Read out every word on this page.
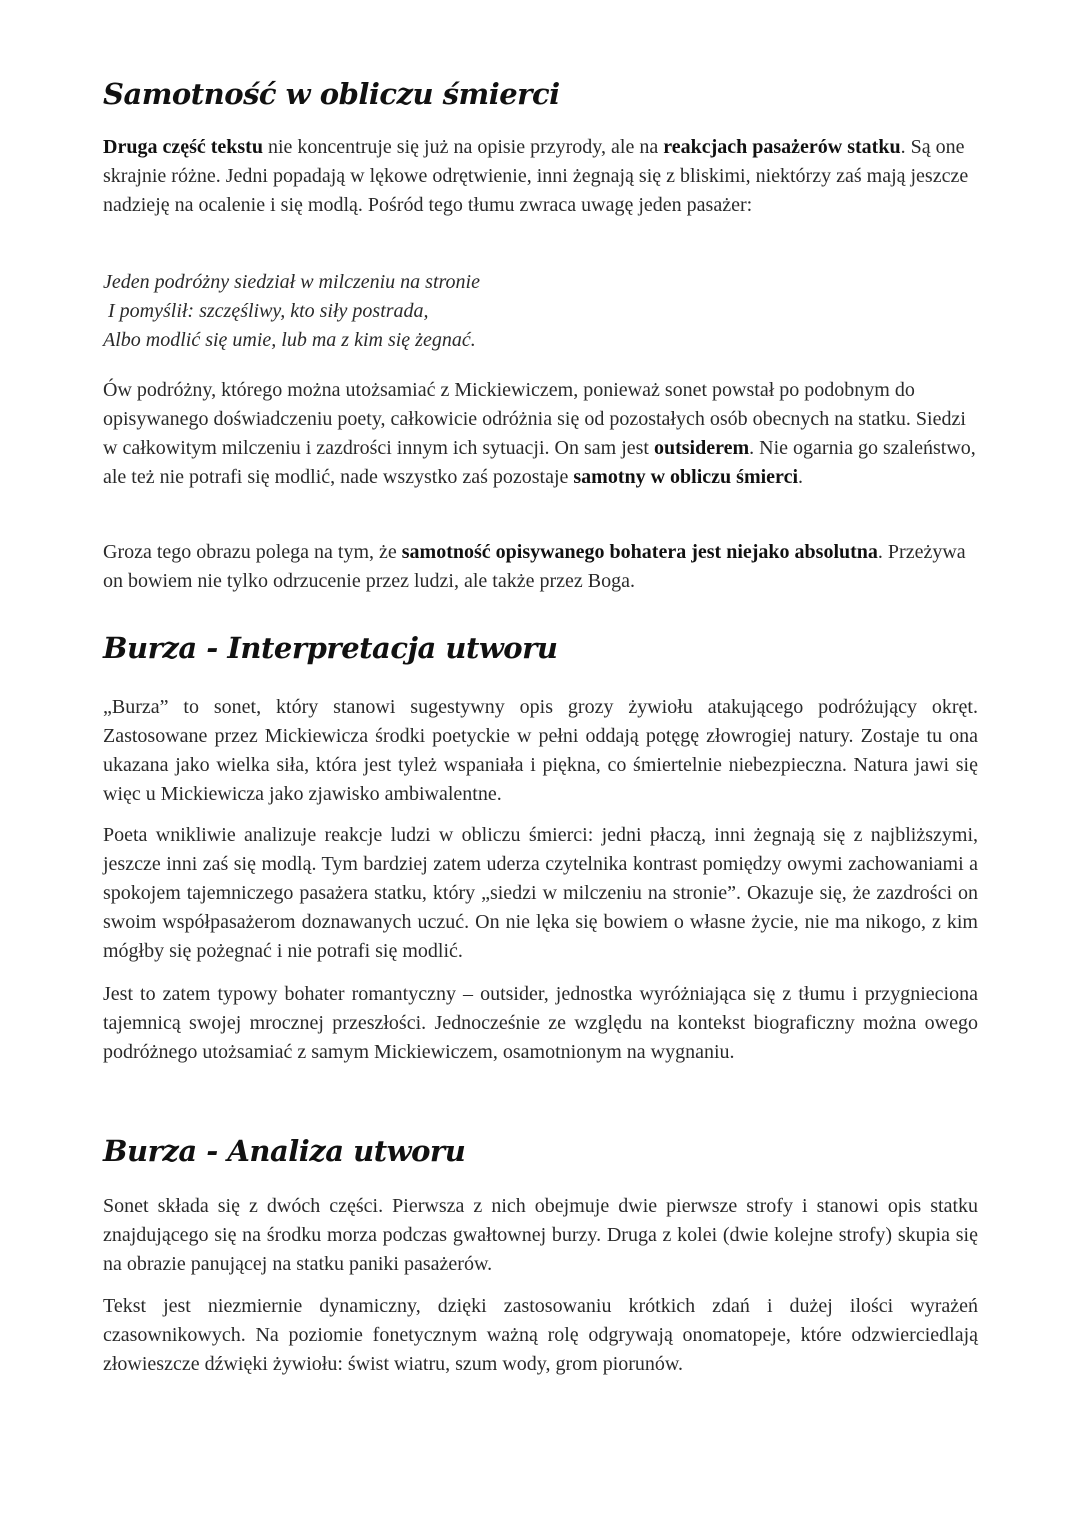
Samotność w obliczu śmierci

Druga część tekstu nie koncentruje się już na opisie przyrody, ale na reakcjach pasażerów statku. Są one skrajnie różne. Jedni popadają w lękowe odrętwienie, inni żegnają się z bliskimi, niektórzy zaś mają jeszcze nadzieję na ocalenie i się modlą. Pośród tego tłumu zwraca uwagę jeden pasażer:

Jeden podróżny siedział w milczeniu na stronie
I pomyślił: szczęśliwy, kto siły postrada,
Albo modlić się umie, lub ma z kim się żegnać.

Ów podróżny, którego można utożsamiać z Mickiewiczem, ponieważ sonet powstał po podobnym do opisywanego doświadczeniu poety, całkowicie odróżnia się od pozostałych osób obecnych na statku. Siedzi w całkowitym milczeniu i zazdrości innym ich sytuacji. On sam jest outsiderem. Nie ogarnia go szaleństwo, ale też nie potrafi się modlić, nade wszystko zaś pozostaje samotny w obliczu śmierci.

Groza tego obrazu polega na tym, że samotność opisywanego bohatera jest niejako absolutna. Przeżywa on bowiem nie tylko odrzucenie przez ludzi, ale także przez Boga.

Burza - Interpretacja utworu

„Burza” to sonet, który stanowi sugestywny opis grozy żywiołu atakującego podróżujący okręt. Zastosowane przez Mickiewicza środki poetyckie w pełni oddają potęgę złowrogiej natury. Zostaje tu ona ukazana jako wielka siła, która jest tyleż wspaniała i piękna, co śmiertelnie niebezpieczna. Natura jawi się więc u Mickiewicza jako zjawisko ambiwalentne.

Poeta wnikliwie analizuje reakcje ludzi w obliczu śmierci: jedni płaczą, inni żegnają się z najbliższymi, jeszcze inni zaś się modlą. Tym bardziej zatem uderza czytelnika kontrast pomiędzy owymi zachowaniami a spokojem tajemniczego pasażera statku, który „siedzi w milczeniu na stronie”. Okazuje się, że zazdrości on swoim współpasażerom doznawanych uczuć. On nie lęka się bowiem o własne życie, nie ma nikogo, z kim mógłby się pożegnać i nie potrafi się modlić.

Jest to zatem typowy bohater romantyczny – outsider, jednostka wyróżniająca się z tłumu i przygnieciona tajemnicą swojej mrocznej przeszłości. Jednocześnie ze względu na kontekst biograficzny można owego podróżnego utożsamiać z samym Mickiewiczem, osamotnionym na wygnaniu.

Burza - Analiza utworu

Sonet składa się z dwóch części. Pierwsza z nich obejmuje dwie pierwsze strofy i stanowi opis statku znajdującego się na środku morza podczas gwałtownej burzy. Druga z kolei (dwie kolejne strofy) skupia się na obrazie panującej na statku paniki pasażerów.

Tekst jest niezmiernie dynamiczny, dzięki zastosowaniu krótkich zdań i dużej ilości wyrażeń czasownikowych. Na poziomie fonetycznym ważną rolę odgrywają onomatopeje, które odzwierciedlają złowieszcze dźwięki żywiołu: świst wiatru, szum wody, grom piorunów.
